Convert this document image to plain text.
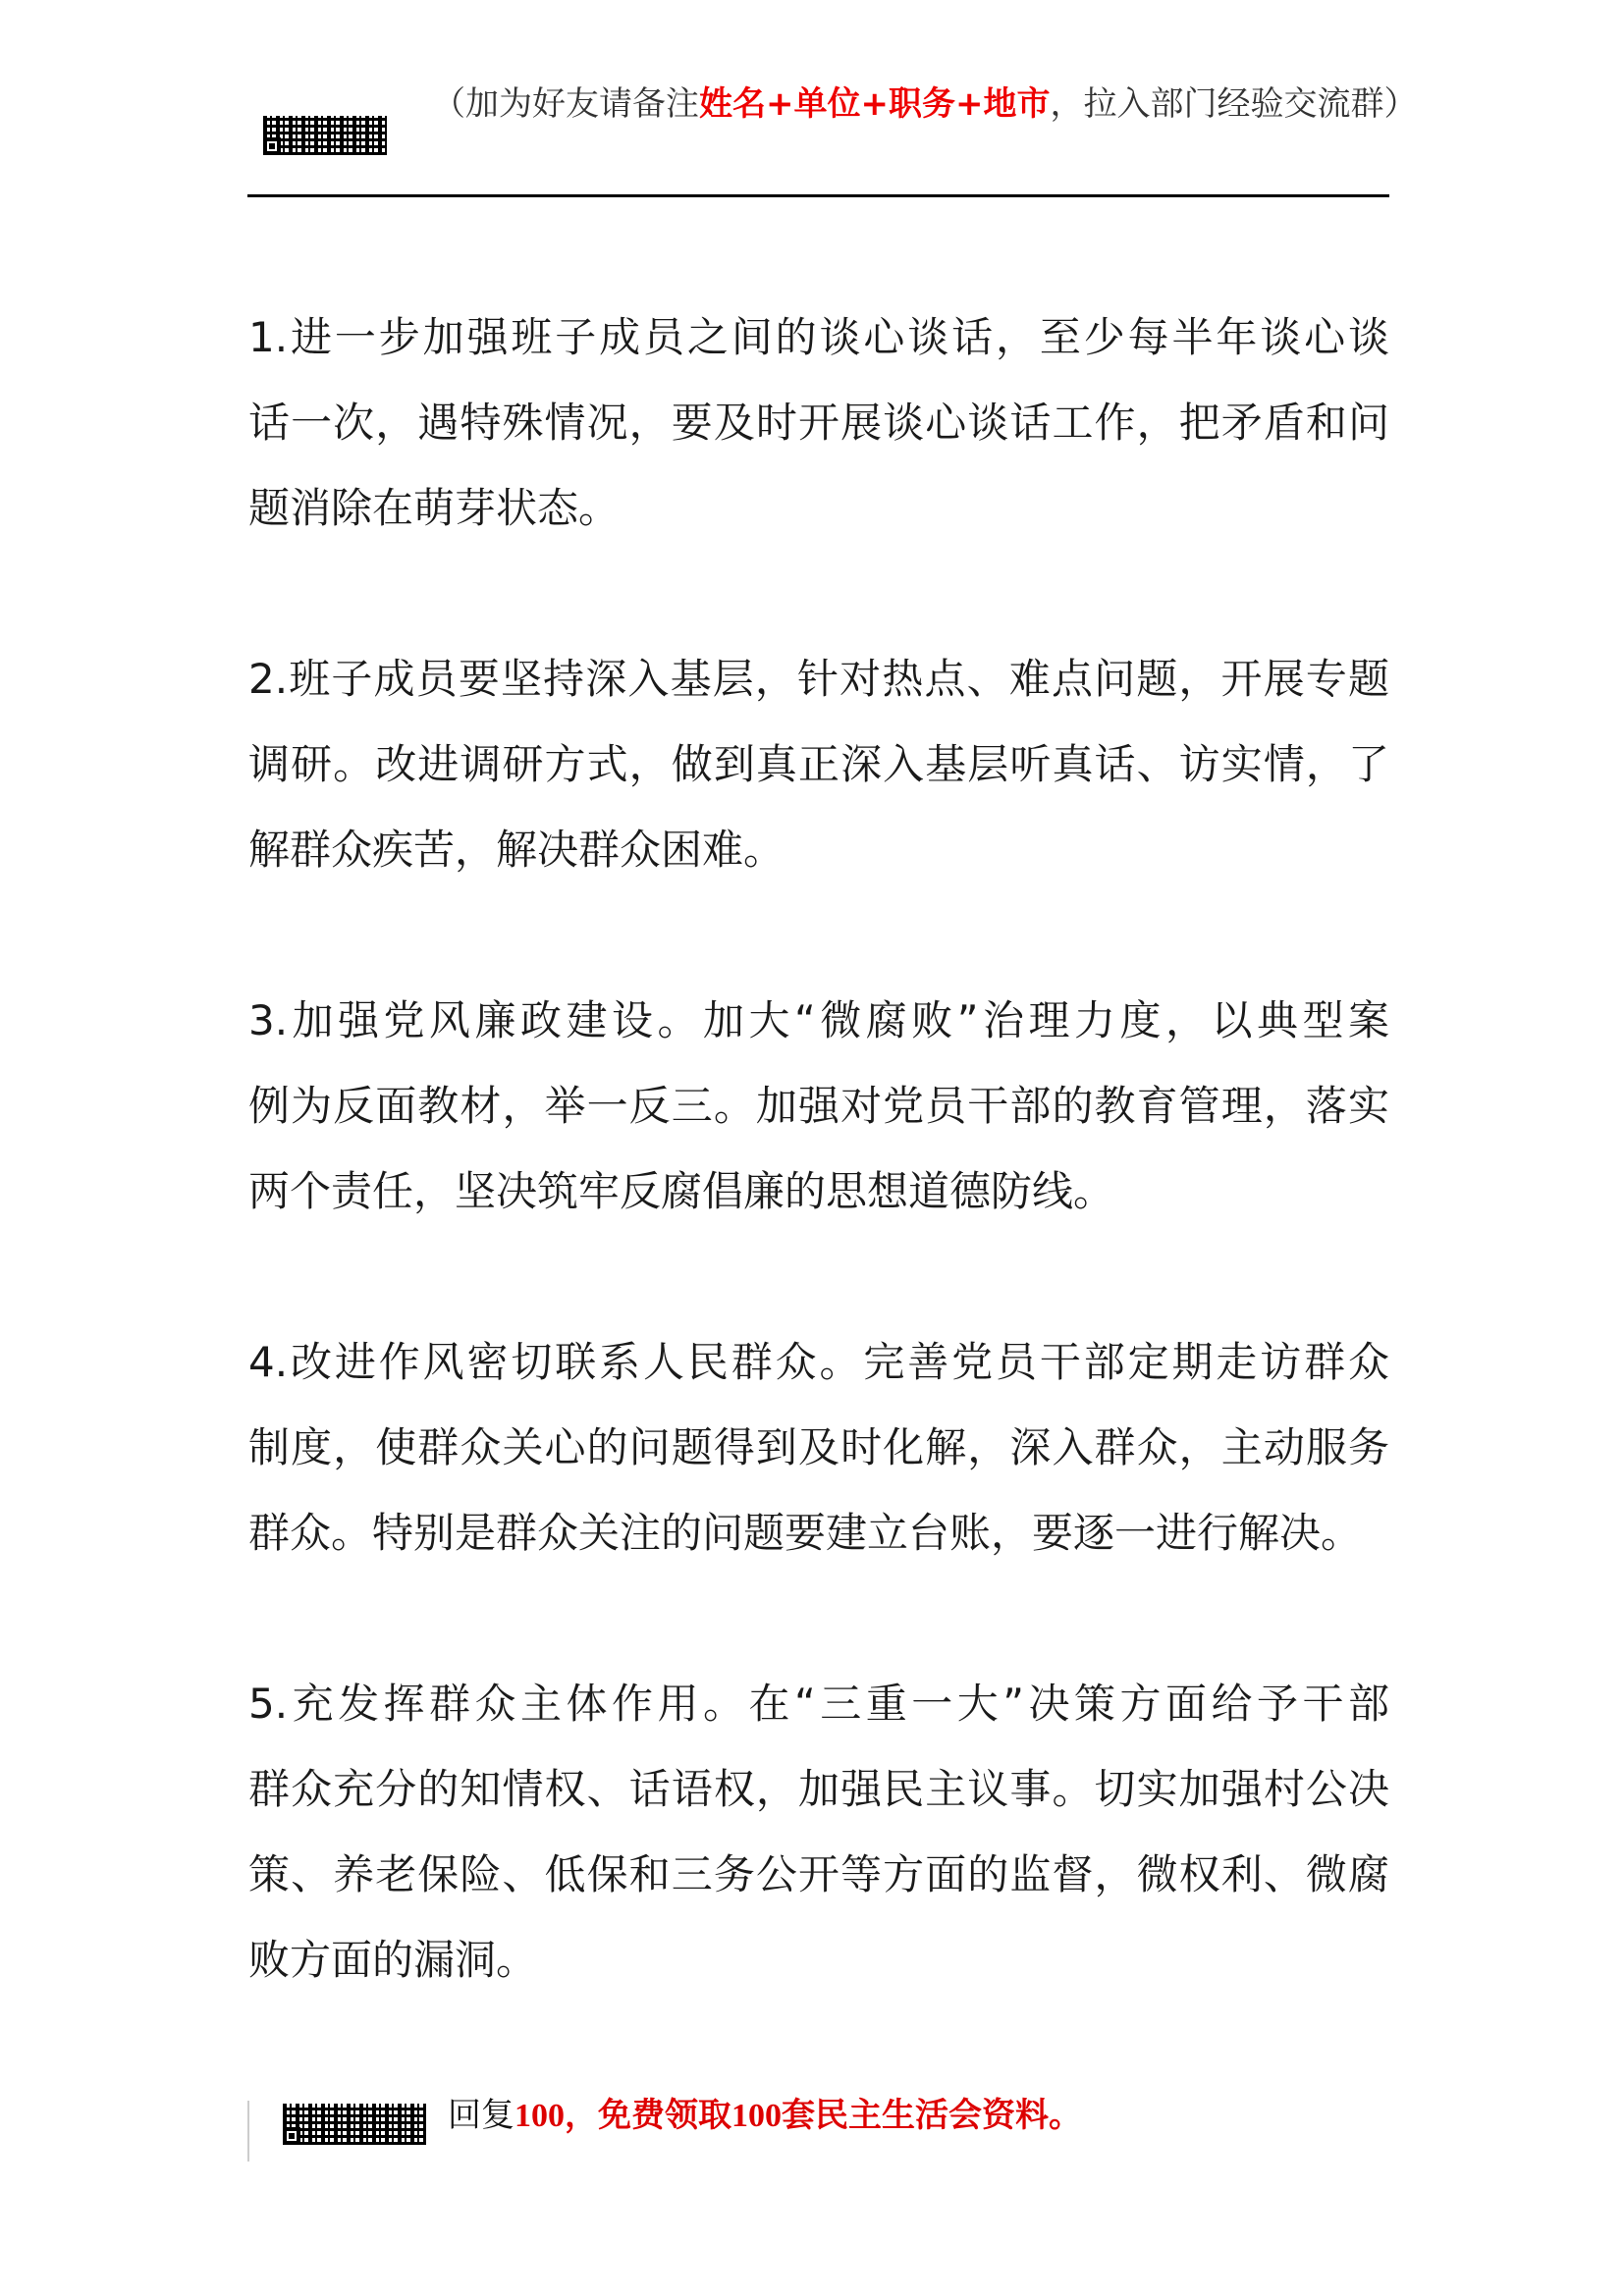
（加为好友请备注姓名+单位+职务+地市，拉入部门经验交流群）
1.进一步加强班子成员之间的谈心谈话，至少每半年谈心谈
话一次，遇特殊情况，要及时开展谈心谈话工作，把矛盾和问
题消除在萌芽状态。
2.班子成员要坚持深入基层，针对热点、难点问题，开展专题
调研。改进调研方式，做到真正深入基层听真话、访实情，了
解群众疾苦，解决群众困难。
3.加强党风廉政建设。加大“微腐败”治理力度，以典型案
例为反面教材，举一反三。加强对党员干部的教育管理，落实
两个责任，坚决筑牢反腐倡廉的思想道德防线。
4.改进作风密切联系人民群众。完善党员干部定期走访群众
制度，使群众关心的问题得到及时化解，深入群众，主动服务
群众。特别是群众关注的问题要建立台账，要逐一进行解决。
5.充发挥群众主体作用。在“三重一大”决策方面给予干部
群众充分的知情权、话语权，加强民主议事。切实加强村公决
策、养老保险、低保和三务公开等方面的监督，微权利、微腐
败方面的漏洞。
回复100，免费领取100套民主生活会资料。
